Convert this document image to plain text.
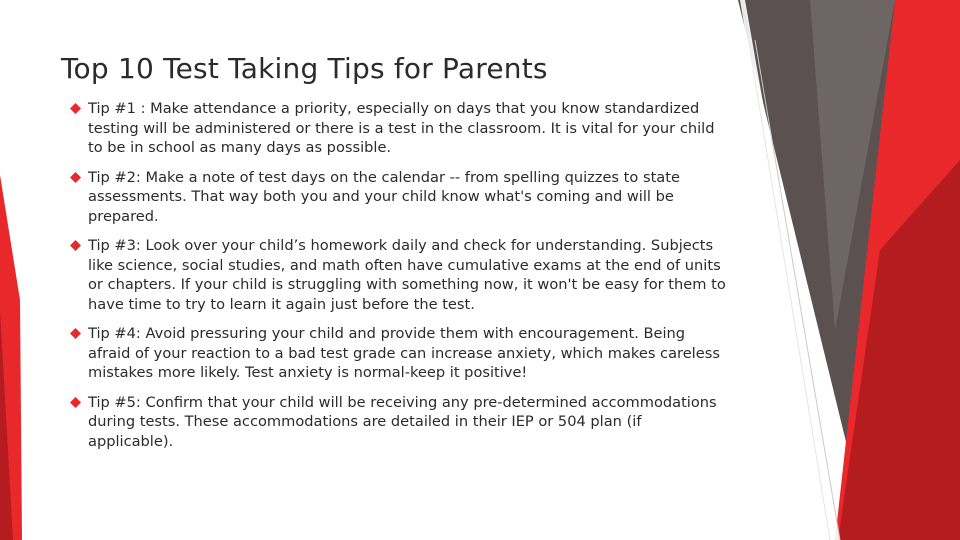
Top 10 Test Taking Tips for Parents
Tip #1 : Make attendance a priority, especially on days that you know standardized testing will be administered or there is a test in the classroom. It is vital for your child to be in school as many days as possible.
Tip #2: Make a note of test days on the calendar -- from spelling quizzes to state assessments. That way both you and your child know what's coming and will be prepared.
Tip #3: Look over your child’s homework daily and check for understanding. Subjects like science, social studies, and math often have cumulative exams at the end of units or chapters. If your child is struggling with something now, it won't be easy for them to have time to try to learn it again just before the test.
Tip #4: Avoid pressuring your child and provide them with encouragement. Being afraid of your reaction to a bad test grade can increase anxiety, which makes careless mistakes more likely. Test anxiety is normal-keep it positive!
Tip #5: Confirm that your child will be receiving any pre-determined accommodations during tests. These accommodations are detailed in their IEP or 504 plan (if applicable).
